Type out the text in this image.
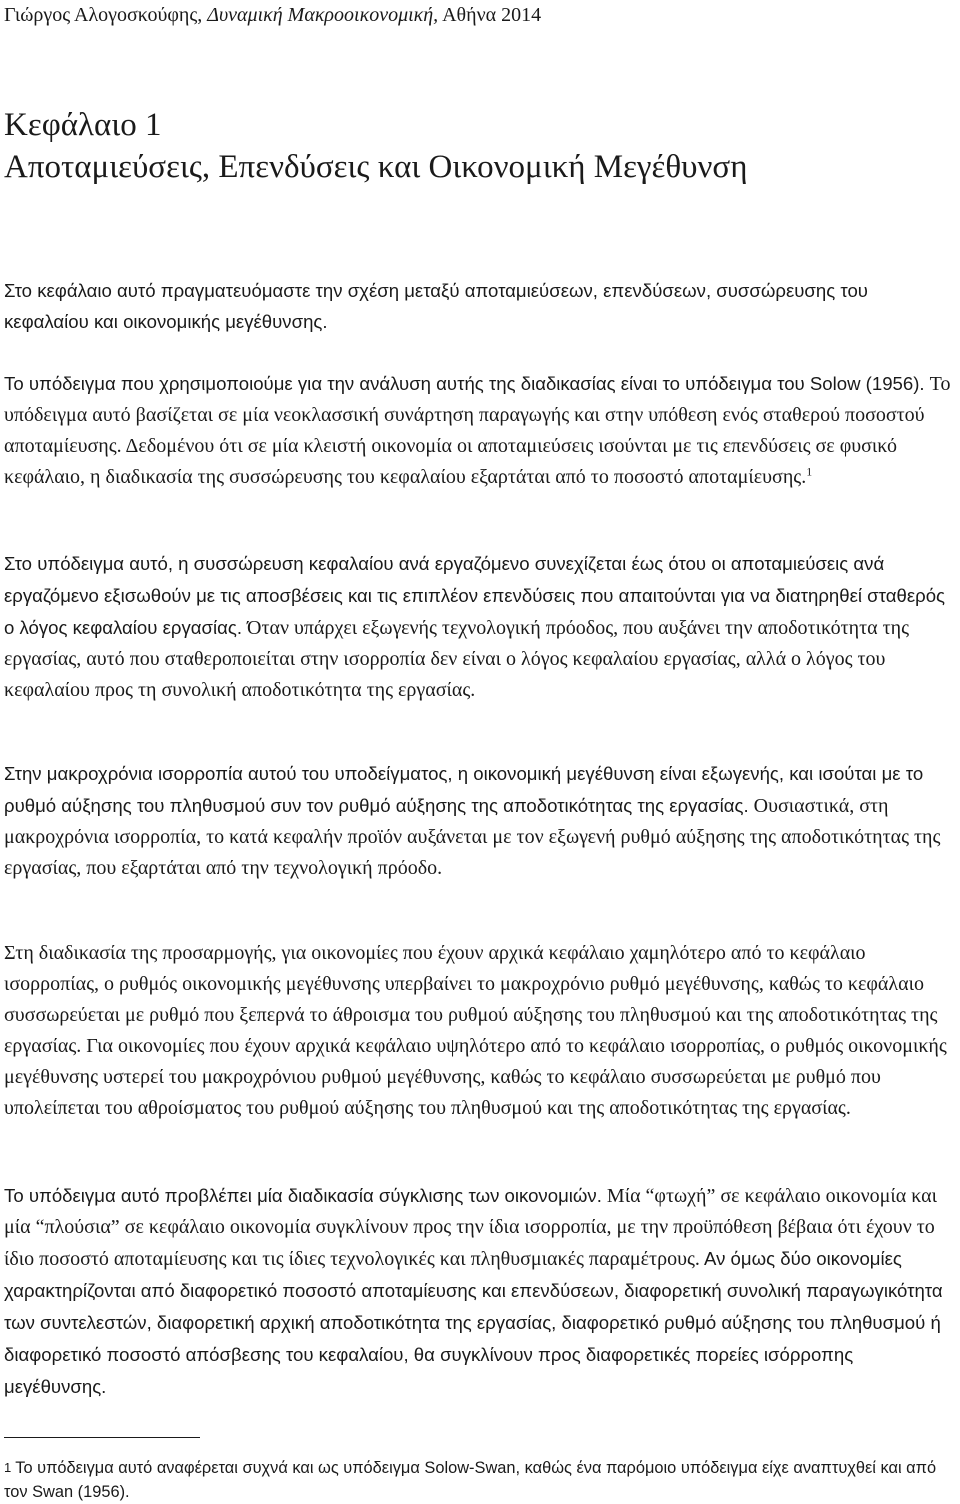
Γιώργος Αλογοσκούφης, Δυναμική Μακροοικονομική, Αθήνα 2014
Κεφάλαιο 1
Αποταμιεύσεις, Επενδύσεις και Οικονομική Μεγέθυνση

Στο κεφάλαιο αυτό πραγματευόμαστε την σχέση μεταξύ αποταμιεύσεων, επενδύσεων, συσσώρευσης του κεφαλαίου και οικονομικής μεγέθυνσης.

Το υπόδειγμα που χρησιμοποιούμε για την ανάλυση αυτής της διαδικασίας είναι το υπόδειγμα του Solow (1956). Το υπόδειγμα αυτό βασίζεται σε μία νεοκλασσική συνάρτηση παραγωγής και στην υπόθεση ενός σταθερού ποσοστού αποταμίευσης. Δεδομένου ότι σε μία κλειστή οικονομία οι αποταμιεύσεις ισούνται με τις επενδύσεις σε φυσικό κεφάλαιο, η διαδικασία της συσσώρευσης του κεφαλαίου εξαρτάται από το ποσοστό αποταμίευσης.$^1$

Στο υπόδειγμα αυτό, η συσσώρευση κεφαλαίου ανά εργαζόμενο συνεχίζεται έως ότου οι αποταμιεύσεις ανά εργαζόμενο εξισωθούν με τις αποσβέσεις και τις επιπλέον επενδύσεις που απαιτούνται για να διατηρηθεί σταθερός ο λόγος κεφαλαίου εργασίας. Όταν υπάρχει εξωγενής τεχνολογική πρόοδος, που αυξάνει την αποδοτικότητα της εργασίας, αυτό που σταθεροποιείται στην ισορροπία δεν είναι ο λόγος κεφαλαίου εργασίας, αλλά ο λόγος του κεφαλαίου προς τη συνολική αποδοτικότητα της εργασίας.

Στην μακροχρόνια ισορροπία αυτού του υποδείγματος, η οικονομική μεγέθυνση είναι εξωγενής, και ισούται με το ρυθμό αύξησης του πληθυσμού συν τον ρυθμό αύξησης της αποδοτικότητας της εργασίας. Ουσιαστικά, στη μακροχρόνια ισορροπία, το κατά κεφαλήν προϊόν αυξάνεται με τον εξωγενή ρυθμό αύξησης της αποδοτικότητας της εργασίας, που εξαρτάται από την τεχνολογική πρόοδο.

Στη διαδικασία της προσαρμογής, για οικονομίες που έχουν αρχικά κεφάλαιο χαμηλότερο από το κεφάλαιο ισορροπίας, ο ρυθμός οικονομικής μεγέθυνσης υπερβαίνει το μακροχρόνιο ρυθμό μεγέθυνσης, καθώς το κεφάλαιο συσσωρεύεται με ρυθμό που ξεπερνά το άθροισμα του ρυθμού αύξησης του πληθυσμού και της αποδοτικότητας της εργασίας. Για οικονομίες που έχουν αρχικά κεφάλαιο υψηλότερο από το κεφάλαιο ισορροπίας, ο ρυθμός οικονομικής μεγέθυνσης υστερεί του μακροχρόνιου ρυθμού μεγέθυνσης, καθώς το κεφάλαιο συσσωρεύεται με ρυθμό που υπολείπεται του αθροίσματος του ρυθμού αύξησης του πληθυσμού και της αποδοτικότητας της εργασίας.

Το υπόδειγμα αυτό προβλέπει μία διαδικασία σύγκλισης των οικονομιών. Μία “φτωχή” σε κεφάλαιο οικονομία και μία “πλούσια” σε κεφάλαιο οικονομία συγκλίνουν προς την ίδια ισορροπία, με την προϋπόθεση βέβαια ότι έχουν το ίδιο ποσοστό αποταμίευσης και τις ίδιες τεχνολογικές και πληθυσμιακές παραμέτρους. Αν όμως δύο οικονομίες χαρακτηρίζονται από διαφορετικό ποσοστό αποταμίευσης και επενδύσεων, διαφορετική συνολική παραγωγικότητα των συντελεστών, διαφορετική αρχική αποδοτικότητα της εργασίας, διαφορετικό ρυθμό αύξησης του πληθυσμού ή διαφορετικό ποσοστό απόσβεσης του κεφαλαίου, θα συγκλίνουν προς διαφορετικές πορείες ισόρροπης μεγέθυνσης.

$^1$ Το υπόδειγμα αυτό αναφέρεται συχνά και ως υπόδειγμα Solow-Swan, καθώς ένα παρόμοιο υπόδειγμα είχε αναπτυχθεί και από τον Swan (1956).
